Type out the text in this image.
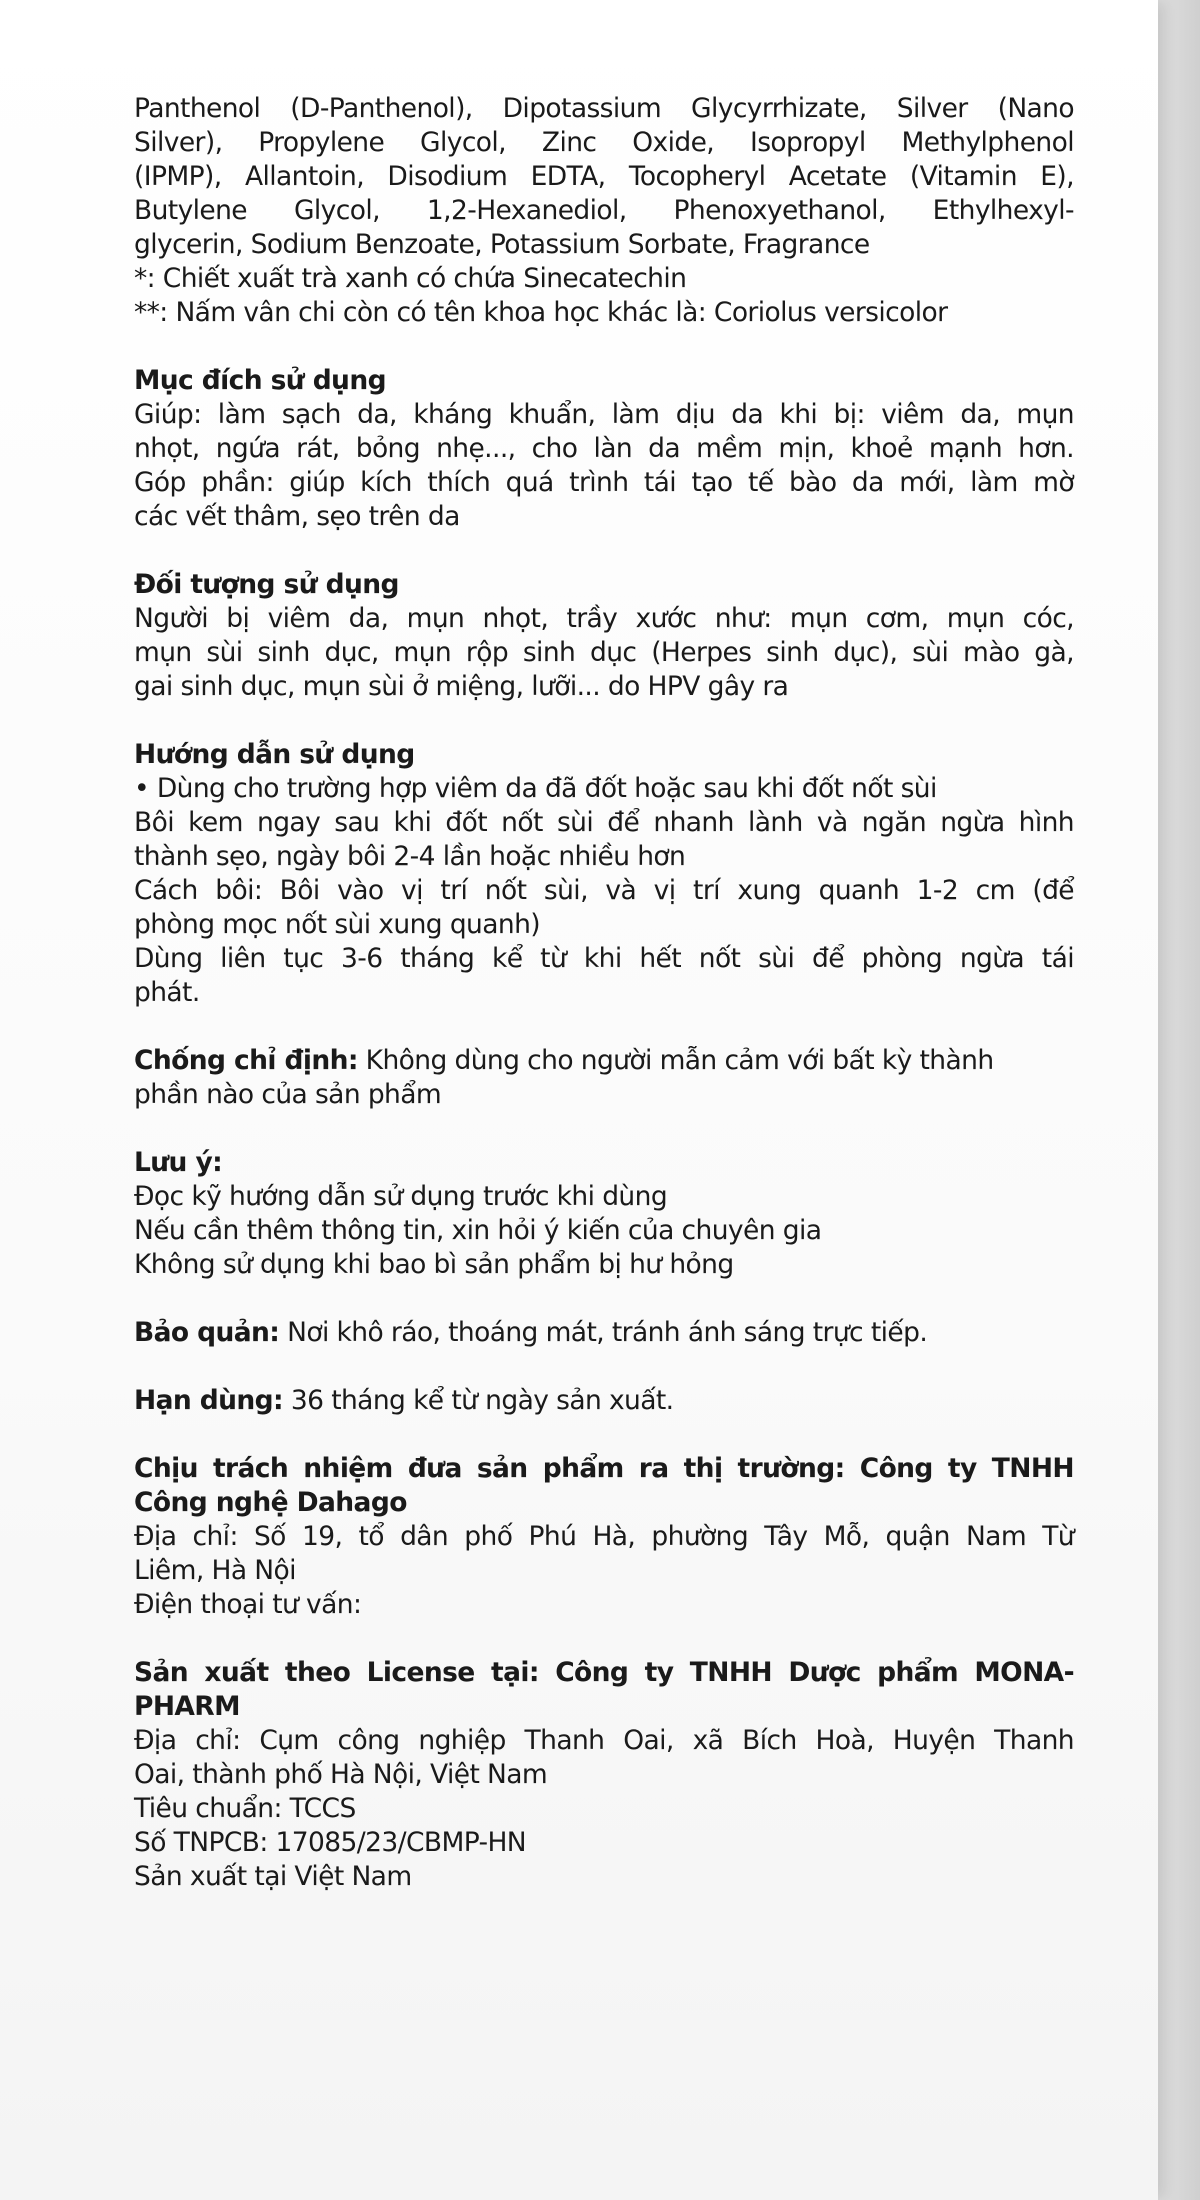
Panthenol (D-Panthenol), Dipotassium Glycyrrhizate, Silver (Nano
Silver), Propylene Glycol, Zinc Oxide, Isopropyl Methylphenol
(IPMP), Allantoin, Disodium EDTA, Tocopheryl Acetate (Vitamin E),
Butylene Glycol, 1,2-Hexanediol, Phenoxyethanol, Ethylhexyl-
glycerin, Sodium Benzoate, Potassium Sorbate, Fragrance
*: Chiết xuất trà xanh có chứa Sinecatechin
**: Nấm vân chi còn có tên khoa học khác là: Coriolus versicolor
Mục đích sử dụng
Giúp: làm sạch da, kháng khuẩn, làm dịu da khi bị: viêm da, mụn
nhọt, ngứa rát, bỏng nhẹ..., cho làn da mềm mịn, khoẻ mạnh hơn.
Góp phần: giúp kích thích quá trình tái tạo tế bào da mới, làm mờ
các vết thâm, sẹo trên da
Đối tượng sử dụng
Người bị viêm da, mụn nhọt, trầy xước như: mụn cơm, mụn cóc,
mụn sùi sinh dục, mụn rộp sinh dục (Herpes sinh dục), sùi mào gà,
gai sinh dục, mụn sùi ở miệng, lưỡi... do HPV gây ra
Hướng dẫn sử dụng
• Dùng cho trường hợp viêm da đã đốt hoặc sau khi đốt nốt sùi
Bôi kem ngay sau khi đốt nốt sùi để nhanh lành và ngăn ngừa hình
thành sẹo, ngày bôi 2-4 lần hoặc nhiều hơn
Cách bôi: Bôi vào vị trí nốt sùi, và vị trí xung quanh 1-2 cm (để
phòng mọc nốt sùi xung quanh)
Dùng liên tục 3-6 tháng kể từ khi hết nốt sùi để phòng ngừa tái
phát.
Chống chỉ định: Không dùng cho người mẫn cảm với bất kỳ thành
phần nào của sản phẩm
Lưu ý:
Đọc kỹ hướng dẫn sử dụng trước khi dùng
Nếu cần thêm thông tin, xin hỏi ý kiến của chuyên gia
Không sử dụng khi bao bì sản phẩm bị hư hỏng
Bảo quản: Nơi khô ráo, thoáng mát, tránh ánh sáng trực tiếp.
Hạn dùng: 36 tháng kể từ ngày sản xuất.
Chịu trách nhiệm đưa sản phẩm ra thị trường: Công ty TNHH
Công nghệ Dahago
Địa chỉ: Số 19, tổ dân phố Phú Hà, phường Tây Mỗ, quận Nam Từ
Liêm, Hà Nội
Điện thoại tư vấn:
Sản xuất theo License tại: Công ty TNHH Dược phẩm MONA-
PHARM
Địa chỉ: Cụm công nghiệp Thanh Oai, xã Bích Hoà, Huyện Thanh
Oai, thành phố Hà Nội, Việt Nam
Tiêu chuẩn: TCCS
Số TNPCB: 17085/23/CBMP-HN
Sản xuất tại Việt Nam
